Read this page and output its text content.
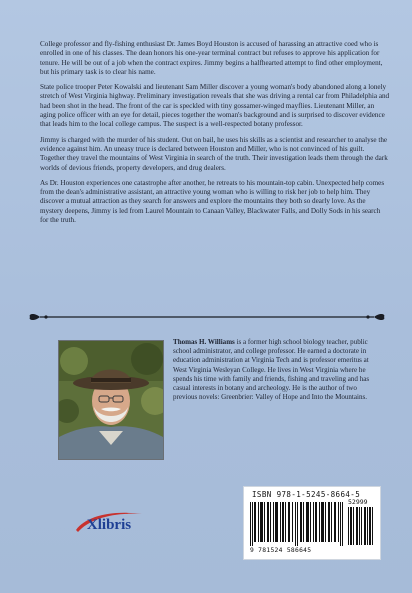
College professor and fly-fishing enthusiast Dr. James Boyd Houston is accused of harassing an attractive coed who is enrolled in one of his classes. The dean honors his one-year terminal contract but refuses to approve his application for tenure. He will be out of a job when the contract expires. Jimmy begins a halfhearted attempt to find other employment, but his primary task is to clear his name.

State police trooper Peter Kowalski and lieutenant Sam Miller discover a young woman's body abandoned along a lonely stretch of West Virginia highway. Preliminary investigation reveals that she was driving a rental car from Philadelphia and had been shot in the head. The front of the car is speckled with tiny gossamer-winged mayflies. Lieutenant Miller, an aging police officer with an eye for detail, pieces together the woman's background and is surprised to discover evidence that leads him to the local college campus. The suspect is a well-respected botany professor.

Jimmy is charged with the murder of his student. Out on bail, he uses his skills as a scientist and researcher to analyse the evidence against him. An uneasy truce is declared between Houston and Miller, who is not convinced of his guilt. Together they travel the mountains of West Virginia in search of the truth. Their investigation leads them through the dark worlds of devious friends, property developers, and drug dealers.

As Dr. Houston experiences one catastrophe after another, he retreats to his mountain-top cabin. Unexpected help comes from the dean's administrative assistant, an attractive young woman who is willing to risk her job to help him. They discover a mutual attraction as they search for answers and explore the mountains they both so dearly love. As the mystery deepens, Jimmy is led from Laurel Mountain to Canaan Valley, Blackwater Falls, and Dolly Sods in his search for the truth.

Thomas H. Williams is a former high school biology teacher, public school administrator, and college professor. He earned a doctorate in education administration at Virginia Tech and is professor emeritus at West Virginia Wesleyan College. He lives in West Virginia where he spends his time with family and friends, fishing and traveling and has casual interests in botany and archeology. He is the author of two previous novels: Greenbrier: Valley of Hope and Into the Mountains.
Xlibris
ISBN 978-1-5245-8664-5
52999
9 781524 586645
